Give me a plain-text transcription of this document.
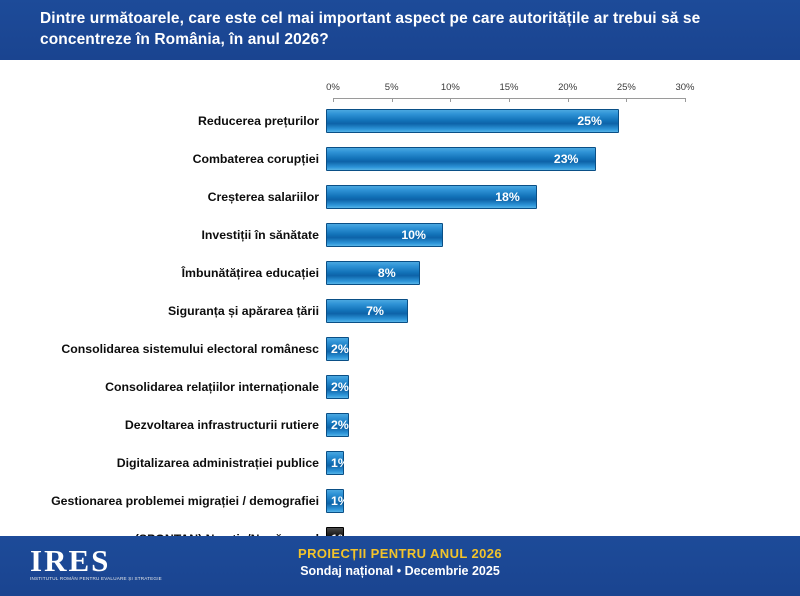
Dintre următoarele, care este cel mai important aspect pe care autoritățile ar trebui să se concentreze în România, în anul 2026?
0%	5%	10%	15%	20%	25%	30%
Reducerea prețurilor	25%
Combaterea corupției	23%
Creșterea salariilor	18%
Investiții în sănătate	10%
Îmbunătățirea educației	8%
Siguranța și apărarea țării	7%
Consolidarea sistemului electoral românesc 2%
Consolidarea relațiilor internaționale 2%
Dezvoltarea infrastructurii rutiere 2%
Digitalizarea administrației publice 1%
Gestionarea problemei migrației / demografiei 1%
IRES
INSTITUTUL ROMÂN PENTRU EVALUARE ȘI STRATEGIE
PROIECȚII PENTRU ANUL 2026
Sondaj național • Decembrie 2025
